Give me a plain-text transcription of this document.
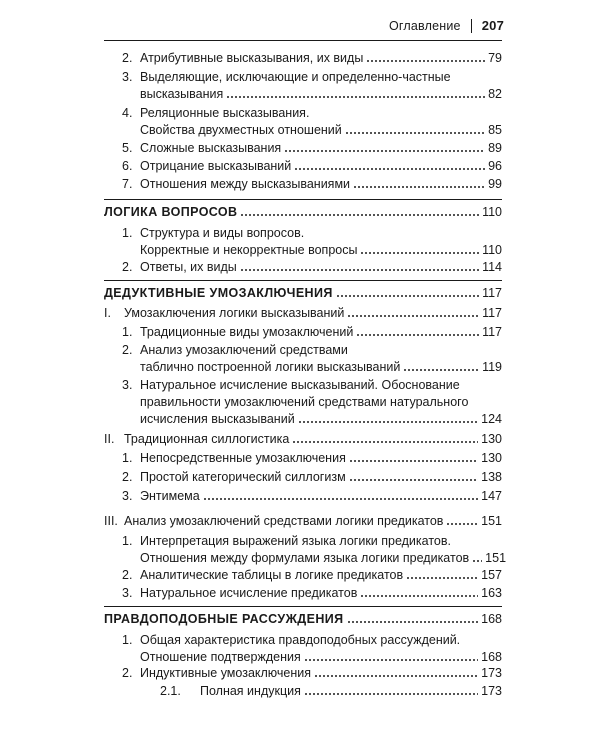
Оглавление 207
2. Атрибутивные высказывания, их виды	79
3. Выделяющие, исключающие и определенно-частные
высказывания	82
4. Реляционные высказывания.
Свойства двухместных отношений	85
5. Сложные высказывания	89
6. Отрицание высказываний	96
7. Отношения между высказываниями	99
ЛОГИКА ВОПРОСОВ	110
1. Структура и виды вопросов.
Корректные и некорректные вопросы	110
2. Ответы, их виды	114
ДЕДУКТИВНЫЕ УМОЗАКЛЮЧЕНИЯ	117
I.	Умозаключения логики высказываний	117
1. Традиционные виды умозаключений	117
2. Анализ умозаключений средствами
таблично построенной логики высказываний	119
3. Натуральное исчисление высказываний. Обоснование
правильности умозаключений средствами натурального
исчисления высказываний	124
II. Традиционная силлогистика	130
1. Непосредственные умозаключения	130
2. Простой категорический силлогизм	138
3. Энтимема	147
III. Анализ умозаключений средствами логики предикатов	151
1. Интерпретация выражений языка логики предикатов.
Отношения между формулами языка логики предикатов 151
2. Аналитические таблицы в логике предикатов	157
3. Натуральное исчисление предикатов	163
ПРАВДОПОДОБНЫЕ РАССУЖДЕНИЯ	168
1. Общая характеристика правдоподобных рассуждений.
Отношение подтверждения	168
2. Индуктивные умозаключения	173
2.1.	Полная индукция	173
